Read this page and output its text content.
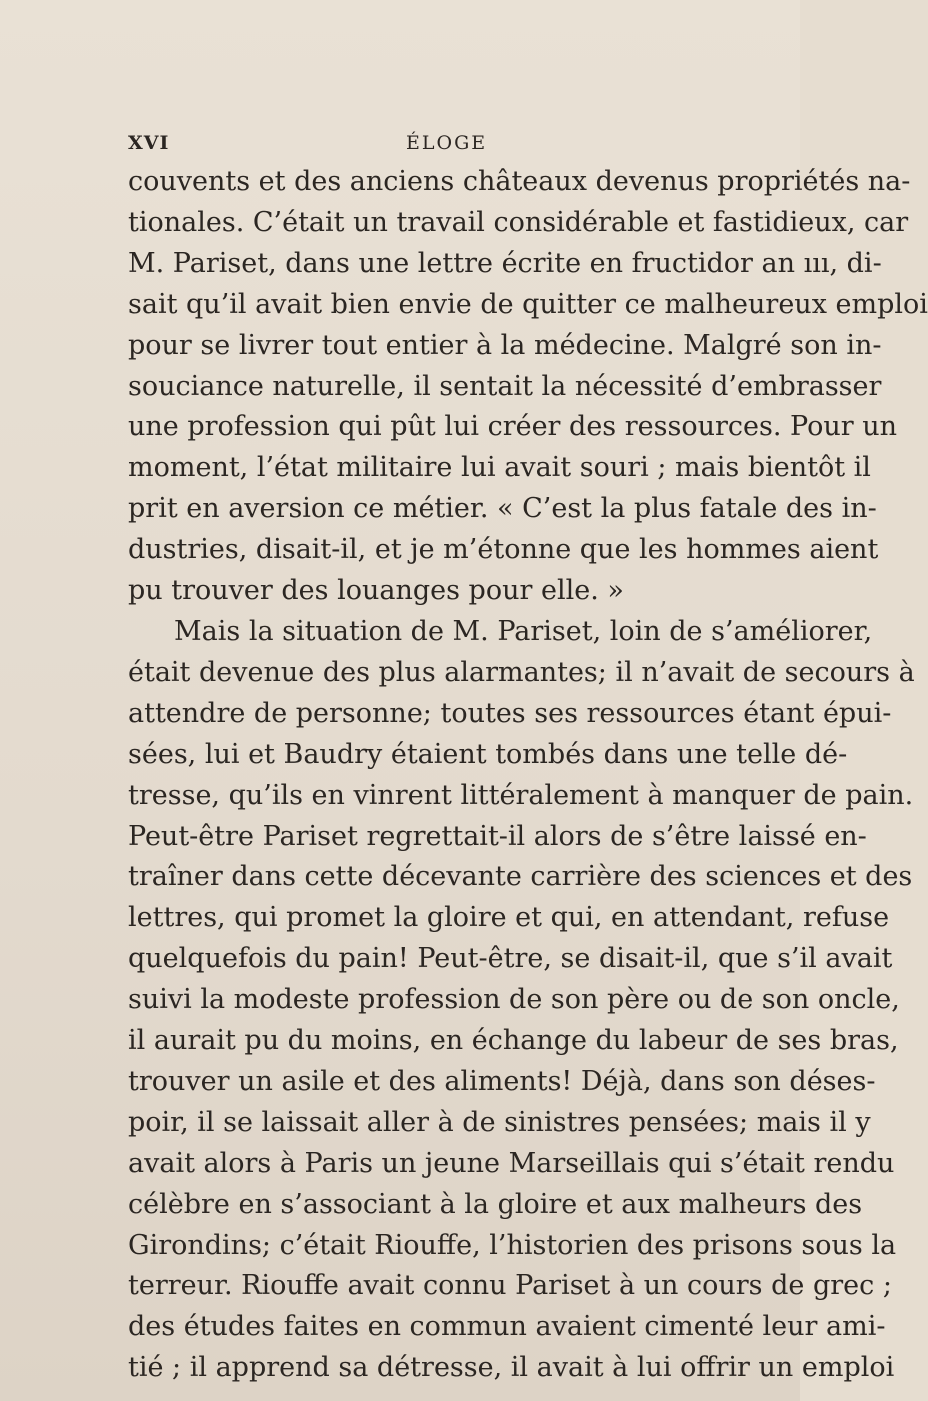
XVI	ÉLOGE
couvents et des anciens châteaux devenus propriétés na-
tionales. C’était un travail considérable et fastidieux, car
M. Pariset, dans une lettre écrite en fructidor an ııı, di-
sait qu’il avait bien envie de quitter ce malheureux emploi
pour se livrer tout entier à la médecine. Malgré son in-
souciance naturelle, il sentait la nécessité d’embrasser
une profession qui pût lui créer des ressources. Pour un
moment, l’état militaire lui avait souri ; mais bientôt il
prit en aversion ce métier. « C’est la plus fatale des in-
dustries, disait-il, et je m’étonne que les hommes aient
pu trouver des louanges pour elle. »
Mais la situation de M. Pariset, loin de s’améliorer,
était devenue des plus alarmantes; il n’avait de secours à
attendre de personne; toutes ses ressources étant épui-
sées, lui et Baudry étaient tombés dans une telle dé-
tresse, qu’ils en vinrent littéralement à manquer de pain.
Peut-être Pariset regrettait-il alors de s’être laissé en-
traîner dans cette décevante carrière des sciences et des
lettres, qui promet la gloire et qui, en attendant, refuse
quelquefois du pain! Peut-être, se disait-il, que s’il avait
suivi la modeste profession de son père ou de son oncle,
il aurait pu du moins, en échange du labeur de ses bras,
trouver un asile et des aliments! Déjà, dans son déses-
poir, il se laissait aller à de sinistres pensées; mais il y
avait alors à Paris un jeune Marseillais qui s’était rendu
célèbre en s’associant à la gloire et aux malheurs des
Girondins; c’était Riouffe, l’historien des prisons sous la
terreur. Riouffe avait connu Pariset à un cours de grec ;
des études faites en commun avaient cimenté leur ami-
tié ; il apprend sa détresse, il avait à lui offrir un emploi
